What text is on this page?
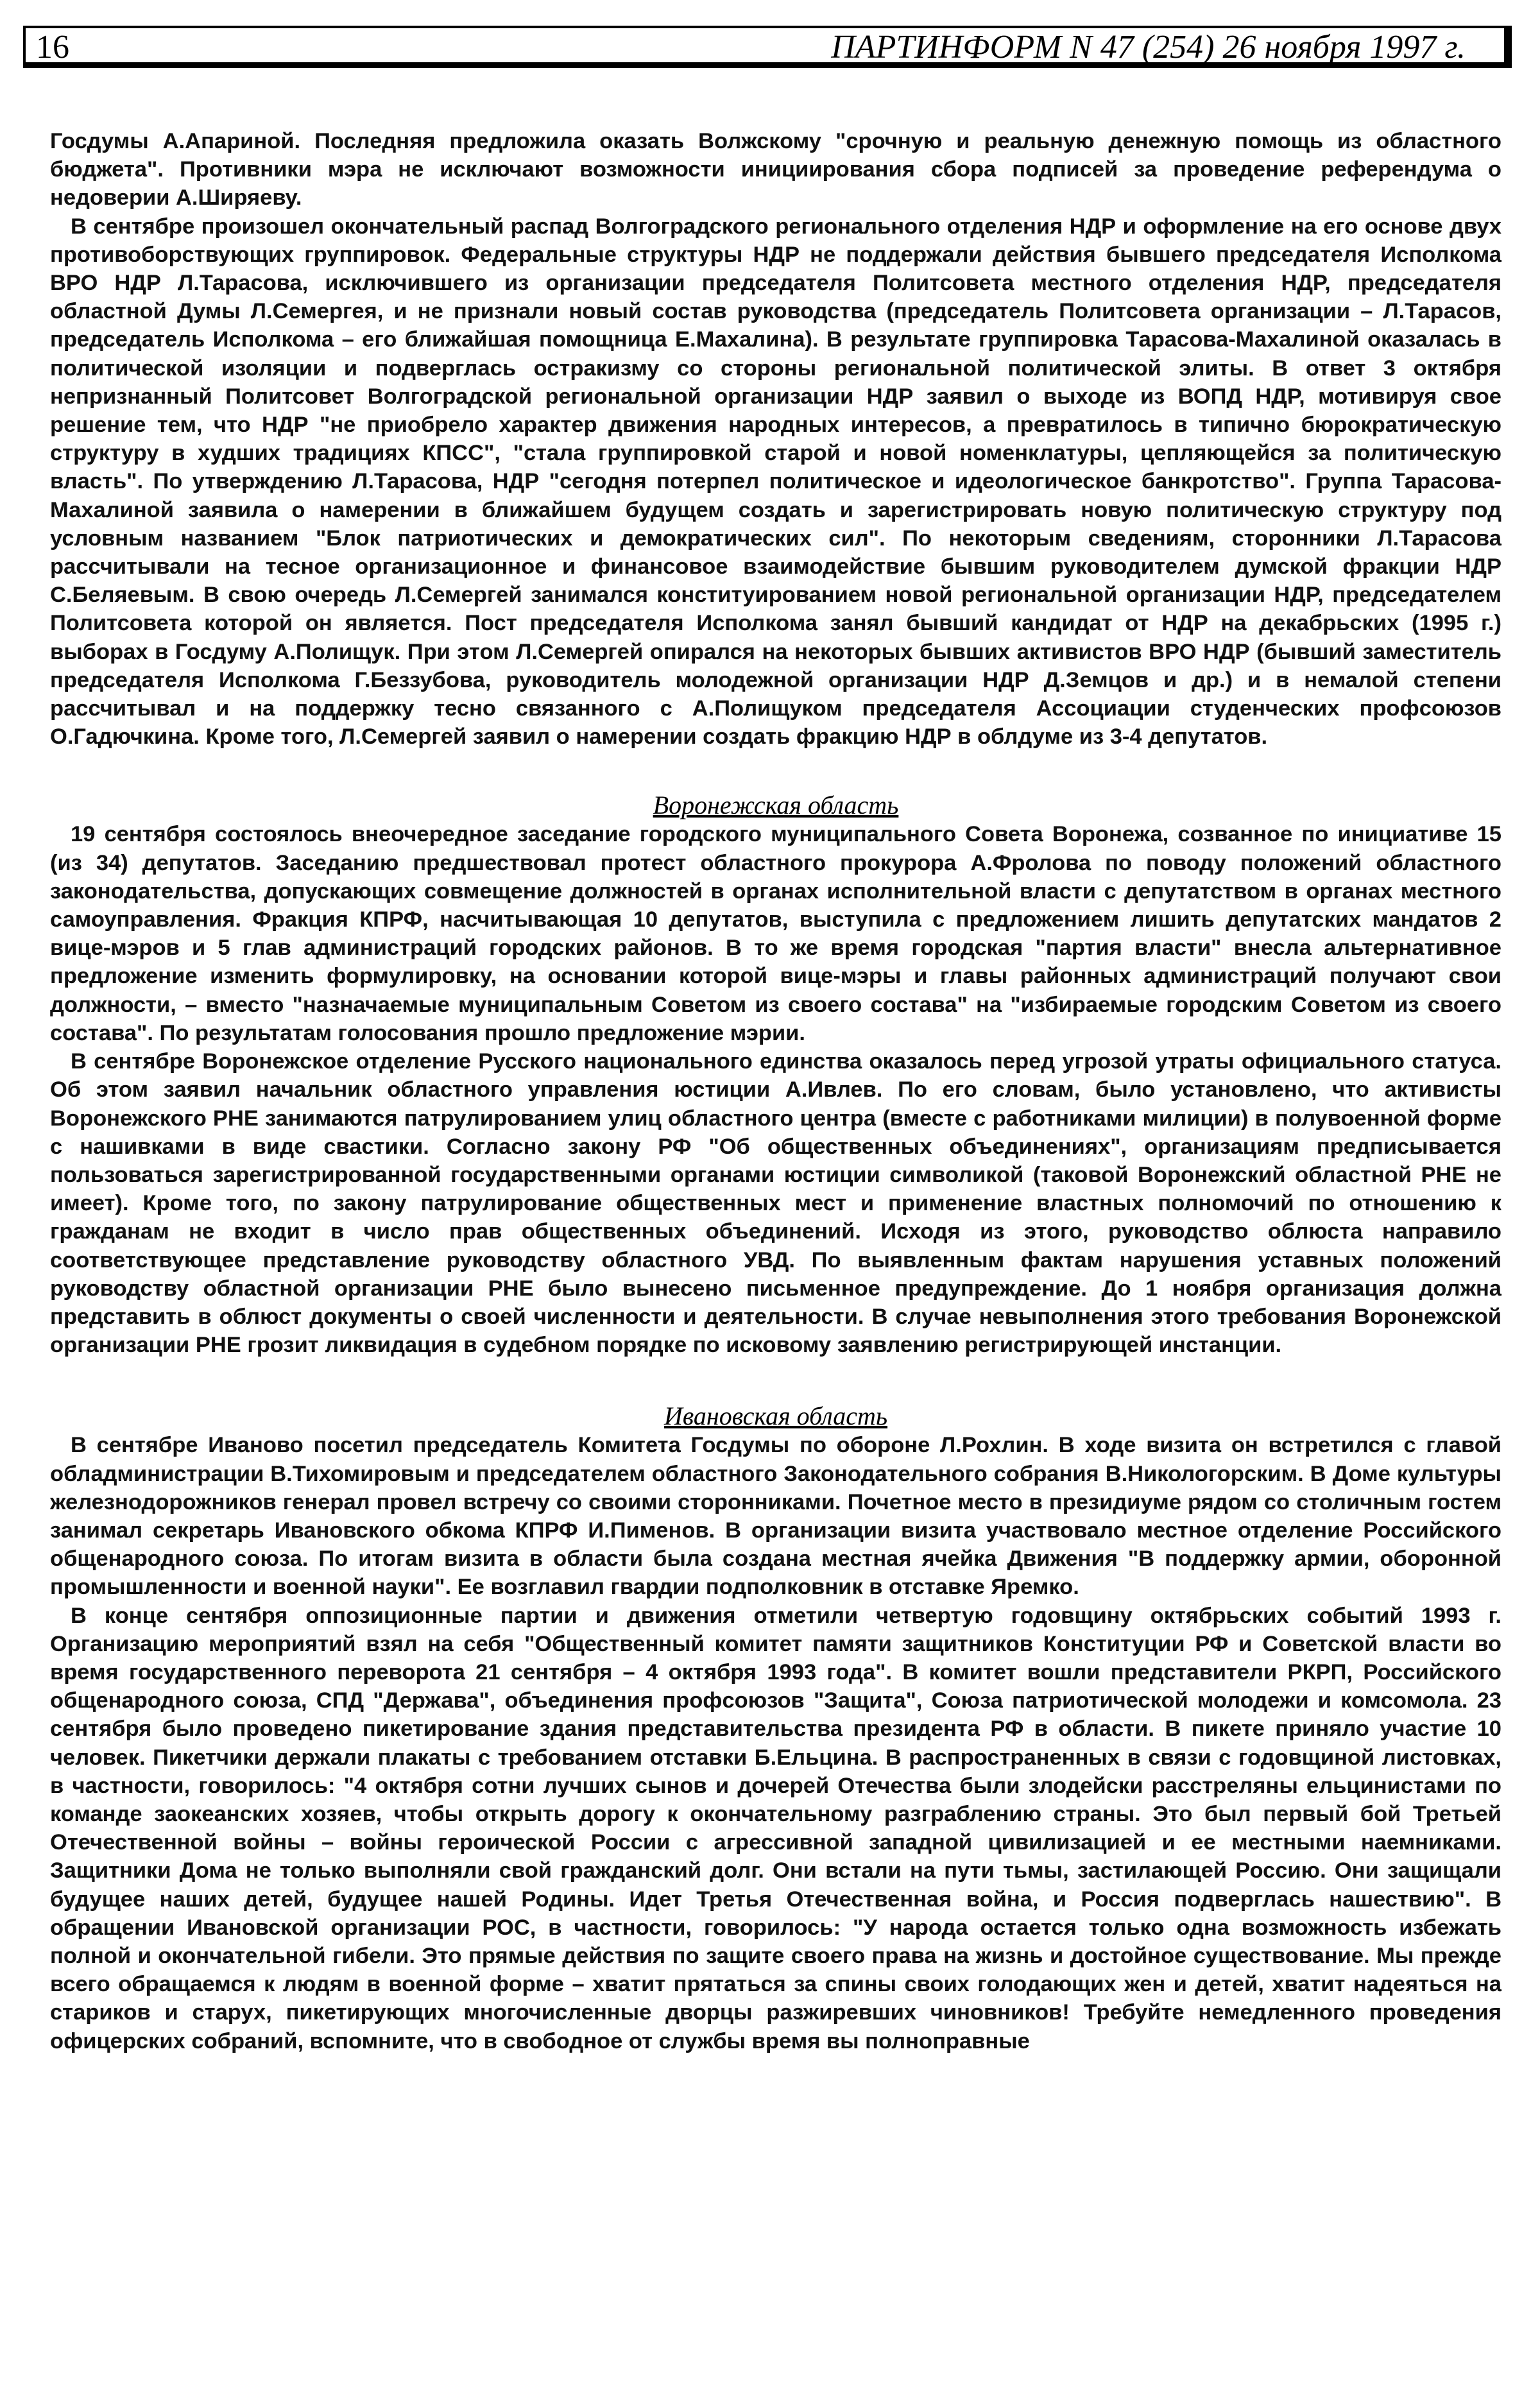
16	ПАРТИНФОРМ N 47 (254) 26 ноября 1997 г.

Госдумы А.Апариной. Последняя предложила оказать Волжскому "срочную и реальную денежную помощь из областного бюджета". Противники мэра не исключают возможности инициирования сбора подписей за проведение референдума о недоверии А.Ширяеву.

В сентябре произошел окончательный распад Волгоградского регионального отделения НДР и оформление на его основе двух противоборствующих группировок. Федеральные структуры НДР не поддержали действия бывшего председателя Исполкома ВРО НДР Л.Тарасова, исключившего из организации председателя Политсовета местного отделения НДР, председателя областной Думы Л.Семергея, и не признали новый состав руководства (председатель Политсовета организации – Л.Тарасов, председатель Исполкома – его ближайшая помощница Е.Махалина). В результате группировка Тарасова-Махалиной оказалась в политической изоляции и подверглась остракизму со стороны региональной политической элиты. В ответ 3 октября непризнанный Политсовет Волгоградской региональной организации НДР заявил о выходе из ВОПД НДР, мотивируя свое решение тем, что НДР "не приобрело характер движения народных интересов, а превратилось в типично бюрократическую структуру в худших традициях КПСС", "стала группировкой старой и новой номенклатуры, цепляющейся за политическую власть". По утверждению Л.Тарасова, НДР "сегодня потерпел политическое и идеологическое банкротство". Группа Тарасова-Махалиной заявила о намерении в ближайшем будущем создать и зарегистрировать новую политическую структуру под условным названием "Блок патриотических и демократических сил". По некоторым сведениям, сторонники Л.Тарасова рассчитывали на тесное организационное и финансовое взаимодействие бывшим руководителем думской фракции НДР С.Беляевым. В свою очередь Л.Семергей занимался конституированием новой региональной организации НДР, председателем Политсовета которой он является. Пост председателя Исполкома занял бывший кандидат от НДР на декабрьских (1995 г.) выборах в Госдуму А.Полищук. При этом Л.Семергей опирался на некоторых бывших активистов ВРО НДР (бывший заместитель председателя Исполкома Г.Беззубова, руководитель молодежной организации НДР Д.Земцов и др.) и в немалой степени рассчитывал и на поддержку тесно связанного с А.Полищуком председателя Ассоциации студенческих профсоюзов О.Гадючкина. Кроме того, Л.Семергей заявил о намерении создать фракцию НДР в облдуме из 3-4 депутатов.

Воронежская область

19 сентября состоялось внеочередное заседание городского муниципального Совета Воронежа, созванное по инициативе 15 (из 34) депутатов. Заседанию предшествовал протест областного прокурора А.Фролова по поводу положений областного законодательства, допускающих совмещение должностей в органах исполнительной власти с депутатством в органах местного самоуправления. Фракция КПРФ, насчитывающая 10 депутатов, выступила с предложением лишить депутатских мандатов 2 вице-мэров и 5 глав администраций городских районов. В то же время городская "партия власти" внесла альтернативное предложение изменить формулировку, на основании которой вице-мэры и главы районных администраций получают свои должности, – вместо "назначаемые муниципальным Советом из своего состава" на "избираемые городским Советом из своего состава". По результатам голосования прошло предложение мэрии.

В сентябре Воронежское отделение Русского национального единства оказалось перед угрозой утраты официального статуса. Об этом заявил начальник областного управления юстиции А.Ивлев. По его словам, было установлено, что активисты Воронежского РНЕ занимаются патрулированием улиц областного центра (вместе с работниками милиции) в полувоенной форме с нашивками в виде свастики. Согласно закону РФ "Об общественных объединениях", организациям предписывается пользоваться зарегистрированной государственными органами юстиции символикой (таковой Воронежский областной РНЕ не имеет). Кроме того, по закону патрулирование общественных мест и применение властных полномочий по отношению к гражданам не входит в число прав общественных объединений. Исходя из этого, руководство облюста направило соответствующее представление руководству областного УВД. По выявленным фактам нарушения уставных положений руководству областной организации РНЕ было вынесено письменное предупреждение. До 1 ноября организация должна представить в облюст документы о своей численности и деятельности. В случае невыполнения этого требования Воронежской организации РНЕ грозит ликвидация в судебном порядке по исковому заявлению регистрирующей инстанции.

Ивановская область

В сентябре Иваново посетил председатель Комитета Госдумы по обороне Л.Рохлин. В ходе визита он встретился с главой обладминистрации В.Тихомировым и председателем областного Законодательного собрания В.Никологорским. В Доме культуры железнодорожников генерал провел встречу со своими сторонниками. Почетное место в президиуме рядом со столичным гостем занимал секретарь Ивановского обкома КПРФ И.Пименов. В организации визита участвовало местное отделение Российского общенародного союза. По итогам визита в области была создана местная ячейка Движения "В поддержку армии, оборонной промышленности и военной науки". Ее возглавил гвардии подполковник в отставке Яремко.

В конце сентября оппозиционные партии и движения отметили четвертую годовщину октябрьских событий 1993 г. Организацию мероприятий взял на себя "Общественный комитет памяти защитников Конституции РФ и Советской власти во время государственного переворота 21 сентября – 4 октября 1993 года". В комитет вошли представители РКРП, Российского общенародного союза, СПД "Держава", объединения профсоюзов "Защита", Союза патриотической молодежи и комсомола. 23 сентября было проведено пикетирование здания представительства президента РФ в области. В пикете приняло участие 10 человек. Пикетчики держали плакаты с требованием отставки Б.Ельцина. В распространенных в связи с годовщиной листовках, в частности, говорилось: "4 октября сотни лучших сынов и дочерей Отечества были злодейски расстреляны ельцинистами по команде заокеанских хозяев, чтобы открыть дорогу к окончательному разграблению страны. Это был первый бой Третьей Отечественной войны – войны героической России с агрессивной западной цивилизацией и ее местными наемниками. Защитники Дома не только выполняли свой гражданский долг. Они встали на пути тьмы, застилающей Россию. Они защищали будущее наших детей, будущее нашей Родины. Идет Третья Отечественная война, и Россия подверглась нашествию". В обращении Ивановской организации РОС, в частности, говорилось: "У народа остается только одна возможность избежать полной и окончательной гибели. Это прямые действия по защите своего права на жизнь и достойное существование. Мы прежде всего обращаемся к людям в военной форме – хватит прятаться за спины своих голодающих жен и детей, хватит надеяться на стариков и старух, пикетирующих многочисленные дворцы разжиревших чиновников! Требуйте немедленного проведения офицерских собраний, вспомните, что в свободное от службы время вы полноправные
